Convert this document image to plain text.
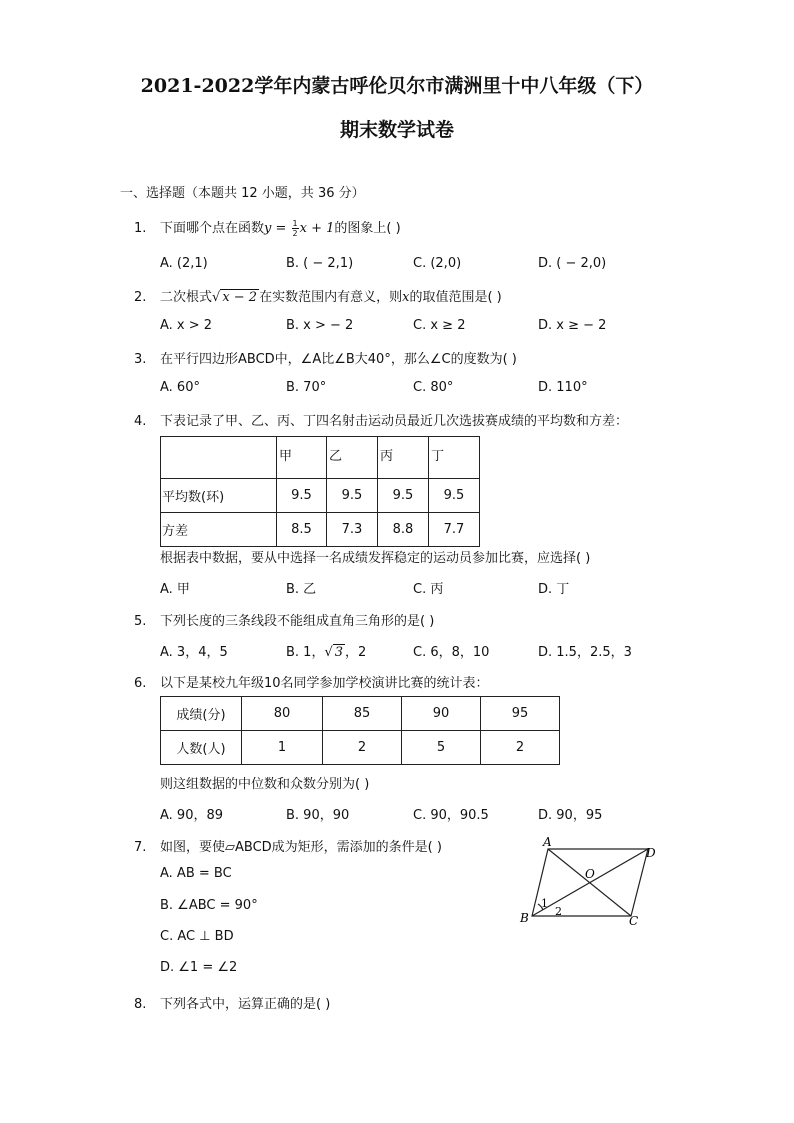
2021-2022学年内蒙古呼伦贝尔市满洲里十中八年级（下）
期末数学试卷
一、选择题（本题共 12 小题，共 36 分）
1. 下面哪个点在函数$y = \frac{1}{2}$ x + 1的图象上( )
A. (2,1)	B. ( − 2,1)	C. (2,0)	D. ( − 2,0)
2. 二次根式√ x − 2 在实数范围内有意义，则x的取值范围是( )
A. x > 2	B. x > − 2	C. x ≥ 2	D. x ≥ − 2
3. 在平行四边形ABCD中，∠A比∠B大40°，那么∠C的度数为( )
A. 60°	B. 70°	C. 80°	D. 110°
4. 下表记录了甲、乙、丙、丁四名射击运动员最近几次选拔赛成绩的平均数和方差：
	甲	乙	丙	丁
平均数(环)	9.5	9.5	9.5	9.5
方差	8.5	7.3	8.8	7.7
根据表中数据，要从中选择一名成绩发挥稳定的运动员参加比赛，应选择( )
A. 甲	B. 乙	C. 丙	D. 丁
5. 下列长度的三条线段不能组成直角三角形的是( )
A. 3，4，5	B. 1，√ 3 ，2	C. 6，8，10	D. 1.5，2.5，3
6. 以下是某校九年级10名同学参加学校演讲比赛的统计表：
成绩(分)	80	85	90	95
人数(人)	1	2	5	2
则这组数据的中位数和众数分别为( )
A. 90，89	B. 90，90	C. 90，90.5	D. 90，95
7. 如图，要使▱ABCD成为矩形，需添加的条件是( )
A. AB = BC
B. ∠ABC = 90°
C. AC ⊥ BD
D. ∠1 = ∠2
A
D
B	C
O
1
2
8. 下列各式中，运算正确的是( )
